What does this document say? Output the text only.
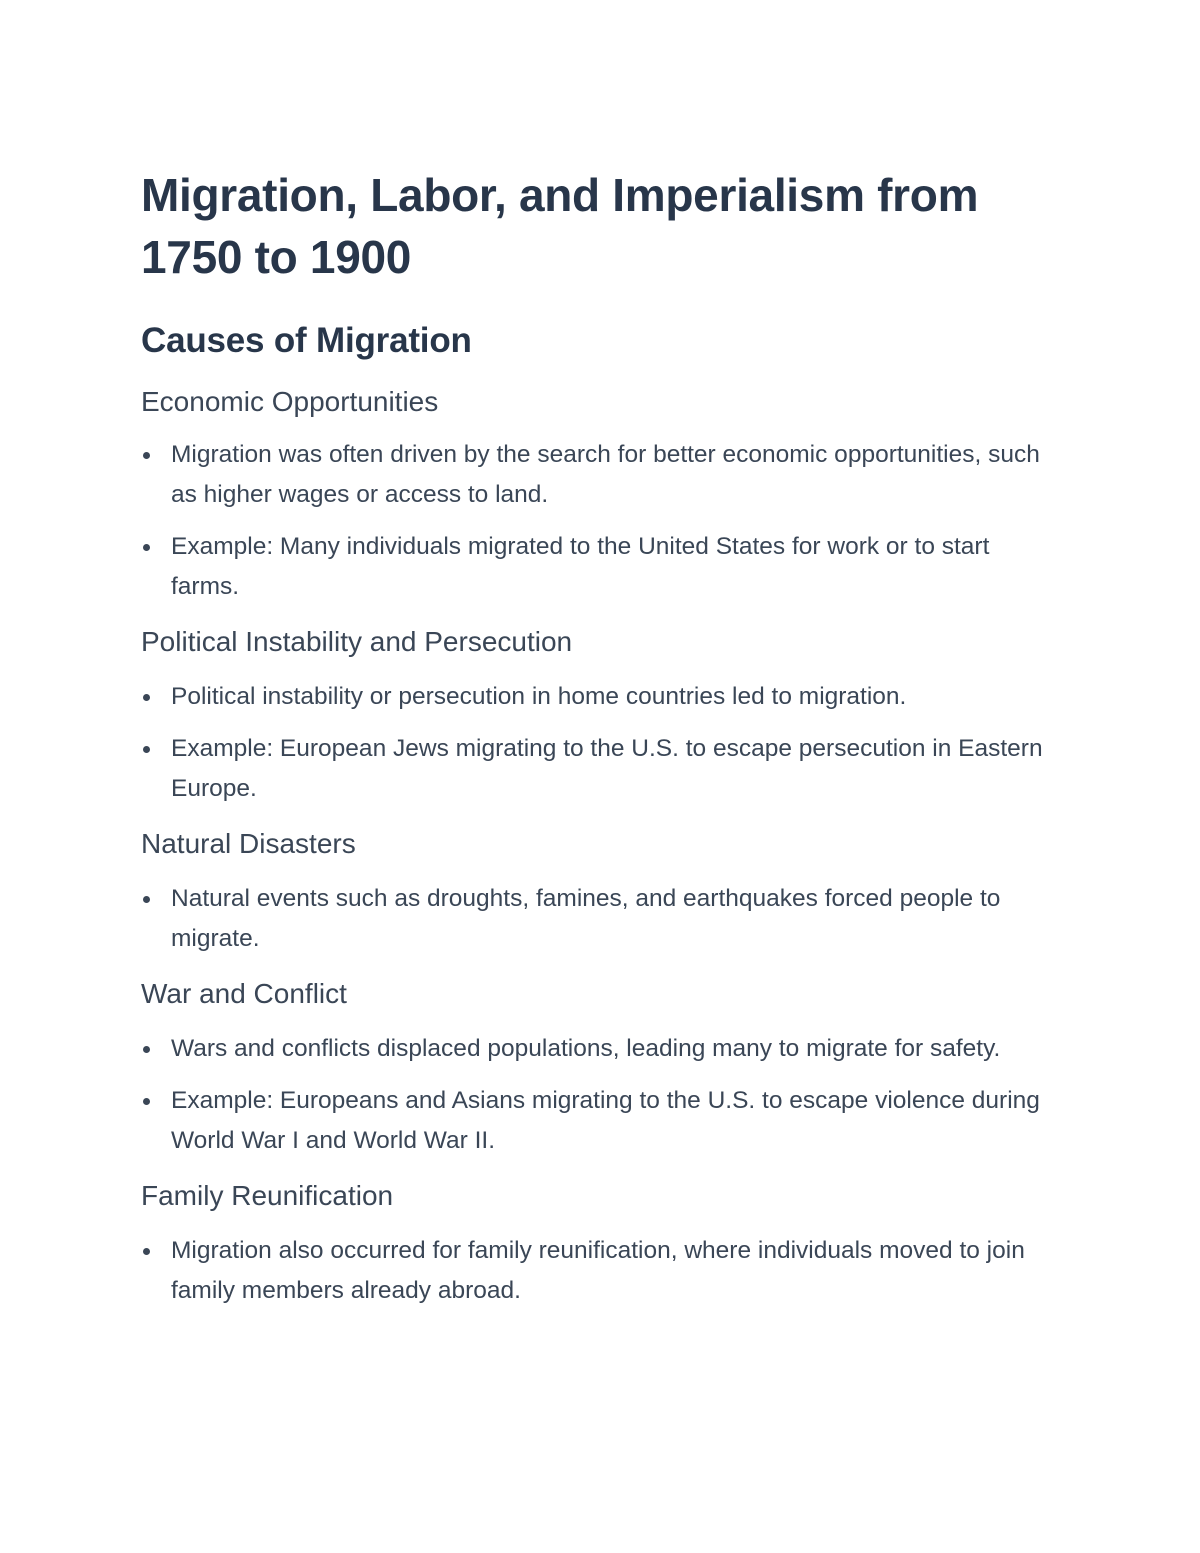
Migration, Labor, and Imperialism from 1750 to 1900
Causes of Migration
Economic Opportunities
Migration was often driven by the search for better economic opportunities, such as higher wages or access to land.
Example: Many individuals migrated to the United States for work or to start farms.
Political Instability and Persecution
Political instability or persecution in home countries led to migration.
Example: European Jews migrating to the U.S. to escape persecution in Eastern Europe.
Natural Disasters
Natural events such as droughts, famines, and earthquakes forced people to migrate.
War and Conflict
Wars and conflicts displaced populations, leading many to migrate for safety.
Example: Europeans and Asians migrating to the U.S. to escape violence during World War I and World War II.
Family Reunification
Migration also occurred for family reunification, where individuals moved to join family members already abroad.
